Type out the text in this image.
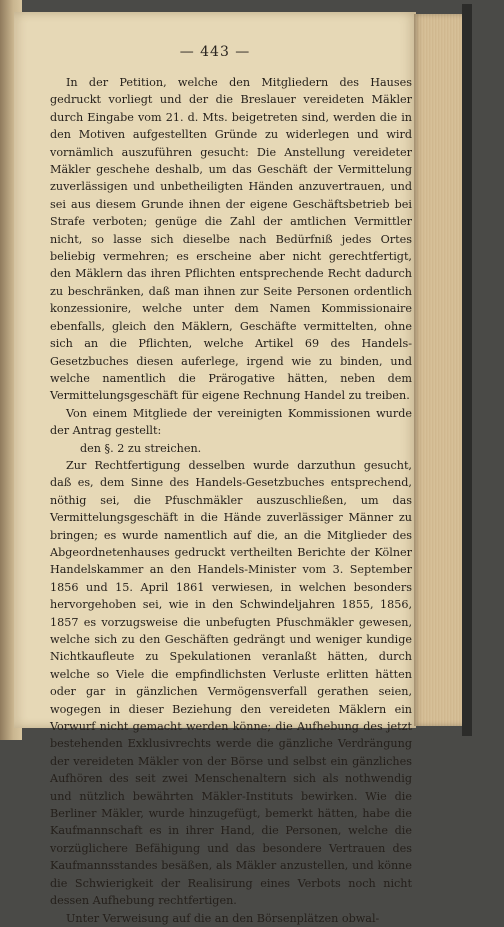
— 443 —

In der Petition, welche den Mitgliedern des Hauses gedruckt vorliegt und der die Breslauer vereideten Mäkler durch Eingabe vom 21. d. Mts. beigetreten sind, werden die in den Motiven aufgestellten Gründe zu widerlegen und wird vornämlich auszuführen gesucht: Die Anstellung vereideter Mäkler geschehe deshalb, um das Geschäft der Vermittelung zuverlässigen und unbetheiligten Händen anzuvertrauen, und sei aus diesem Grunde ihnen der eigene Geschäftsbetrieb bei Strafe verboten; genüge die Zahl der amtlichen Vermittler nicht, so lasse sich dieselbe nach Bedürfniß jedes Ortes beliebig vermehren; es erscheine aber nicht gerechtfertigt, den Mäklern das ihren Pflichten entsprechende Recht dadurch zu beschränken, daß man ihnen zur Seite Personen ordentlich konzessionire, welche unter dem Namen Kommissionaire ebenfalls, gleich den Mäklern, Geschäfte vermittelten, ohne sich an die Pflichten, welche Artikel 69 des Handels-Gesetzbuches diesen auferlege, irgend wie zu binden, und welche namentlich die Prärogative hätten, neben dem Vermittelungsgeschäft für eigene Rechnung Handel zu treiben.

Von einem Mitgliede der vereinigten Kommissionen wurde der Antrag gestellt:

den §. 2 zu streichen.

Zur Rechtfertigung desselben wurde darzuthun gesucht, daß es, dem Sinne des Handels-Gesetzbuches entsprechend, nöthig sei, die Pfuschmäkler auszuschließen, um das Vermittelungsgeschäft in die Hände zuverlässiger Männer zu bringen; es wurde namentlich auf die, an die Mitglieder des Abgeordnetenhauses gedruckt vertheilten Berichte der Kölner Handelskammer an den Handels-Minister vom 3. September 1856 und 15. April 1861 verwiesen, in welchen besonders hervorgehoben sei, wie in den Schwindeljahren 1855, 1856, 1857 es vorzugsweise die unbefugten Pfuschmäkler gewesen, welche sich zu den Geschäften gedrängt und weniger kundige Nichtkaufleute zu Spekulationen veranlaßt hätten, durch welche so Viele die empfindlichsten Verluste erlitten hätten oder gar in gänzlichen Vermögensverfall gerathen seien, wogegen in dieser Beziehung den vereideten Mäklern ein Vorwurf nicht gemacht werden könne; die Aufhebung des jetzt bestehenden Exklusivrechts werde die gänzliche Verdrängung der vereideten Mäkler von der Börse und selbst ein gänzliches Aufhören des seit zwei Menschenaltern sich als nothwendig und nützlich bewährten Mäkler-Instituts bewirken. Wie die Berliner Mäkler, wurde hinzugefügt, bemerkt hätten, habe die Kaufmannschaft es in ihrer Hand, die Personen, welche die vorzüglichere Befähigung und das besondere Vertrauen des Kaufmannsstandes besäßen, als Mäkler anzustellen, und könne die Schwierigkeit der Realisirung eines Verbots noch nicht dessen Aufhebung rechtfertigen.

Unter Verweisung auf die an den Börsenplätzen obwal-
